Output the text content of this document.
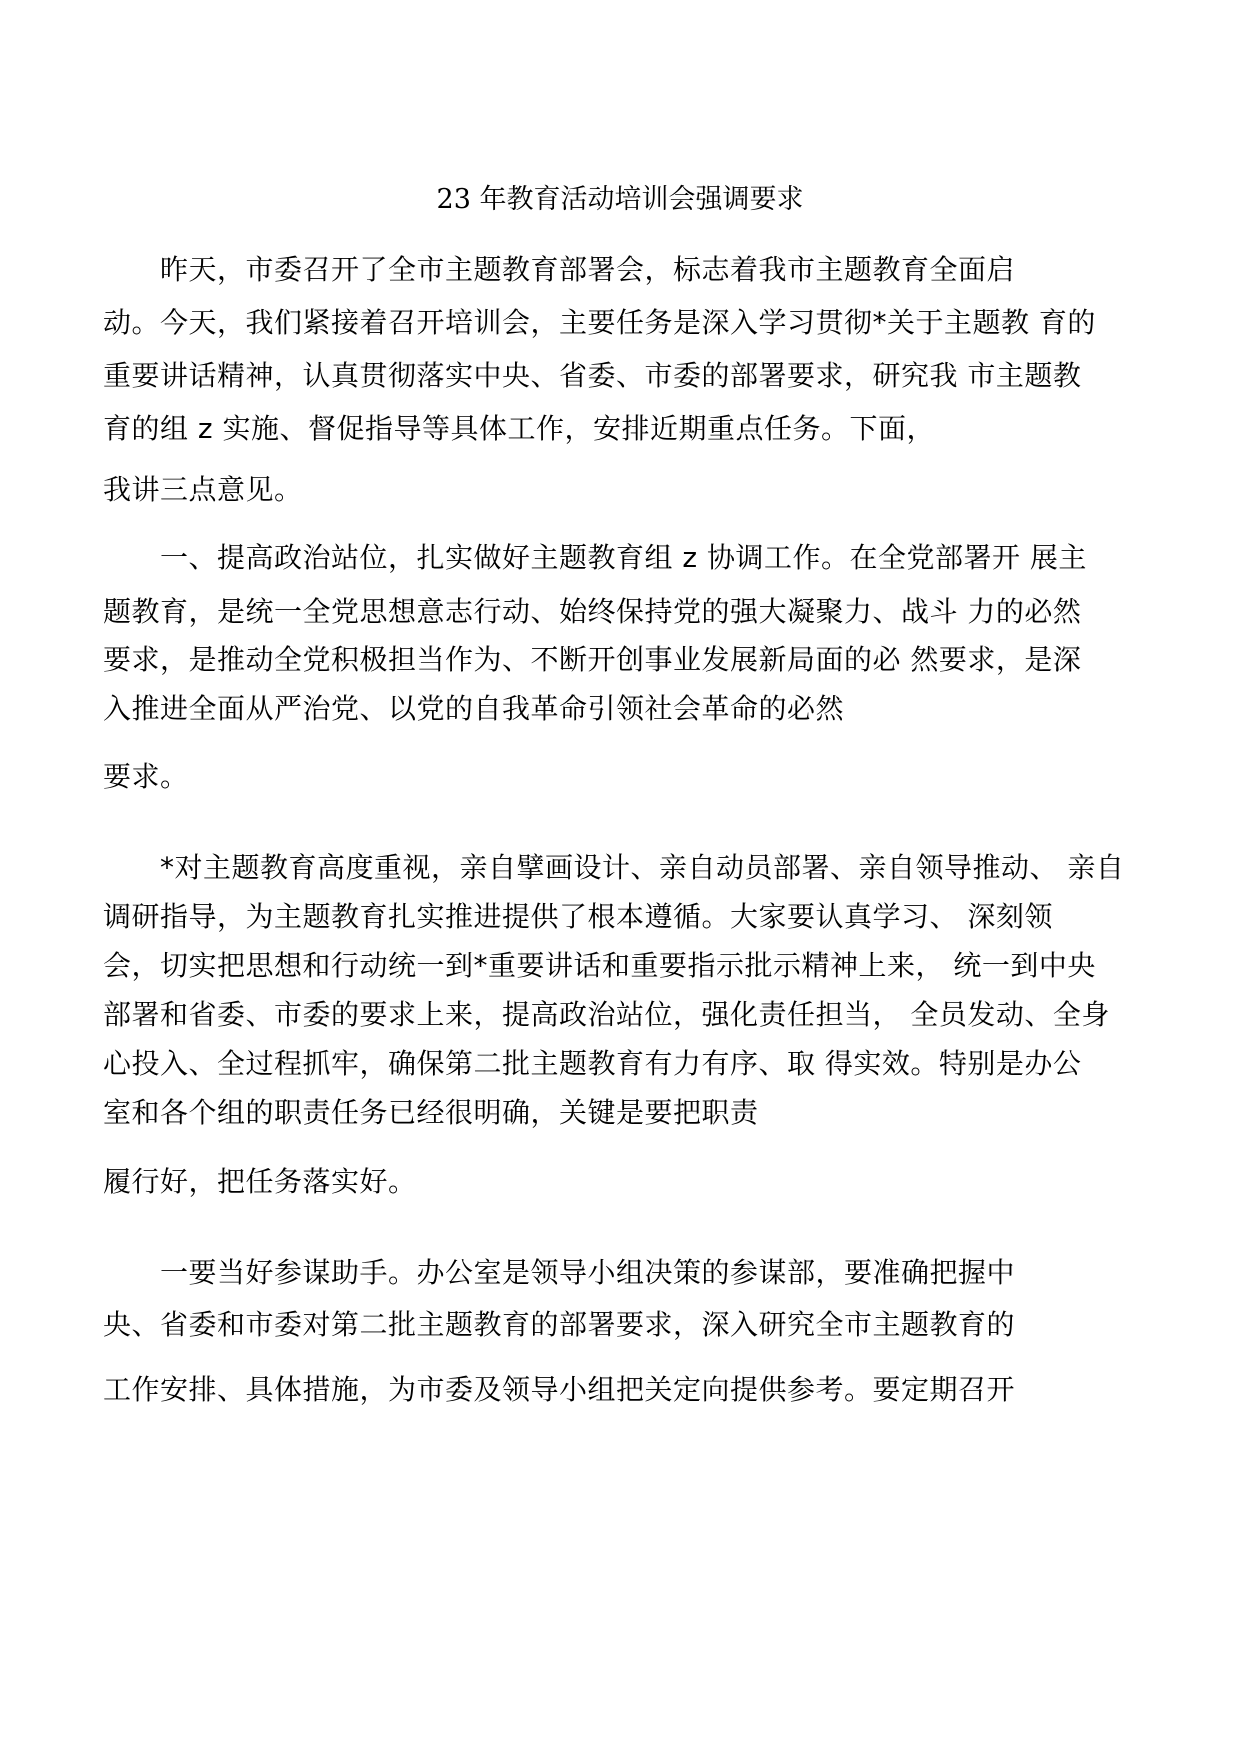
23 年教育活动培训会强调要求
昨天，市委召开了全市主题教育部署会，标志着我市主题教育全面启
动。今天，我们紧接着召开培训会，主要任务是深入学习贯彻*关于主题教 育的
重要讲话精神，认真贯彻落实中央、省委、市委的部署要求，研究我 市主题教
育的组 z 实施、督促指导等具体工作，安排近期重点任务。下面，
我讲三点意见。
一、提高政治站位，扎实做好主题教育组 z 协调工作。在全党部署开 展主
题教育，是统一全党思想意志行动、始终保持党的强大凝聚力、战斗 力的必然
要求，是推动全党积极担当作为、不断开创事业发展新局面的必 然要求，是深
入推进全面从严治党、以党的自我革命引领社会革命的必然
要求。
*对主题教育高度重视，亲自擘画设计、亲自动员部署、亲自领导推动、 亲自
调研指导，为主题教育扎实推进提供了根本遵循。大家要认真学习、 深刻领
会，切实把思想和行动统一到*重要讲话和重要指示批示精神上来， 统一到中央
部署和省委、市委的要求上来，提高政治站位，强化责任担当， 全员发动、全身
心投入、全过程抓牢，确保第二批主题教育有力有序、取 得实效。特别是办公
室和各个组的职责任务已经很明确，关键是要把职责
履行好，把任务落实好。
一要当好参谋助手。办公室是领导小组决策的参谋部，要准确把握中
央、省委和市委对第二批主题教育的部署要求，深入研究全市主题教育的
工作安排、具体措施，为市委及领导小组把关定向提供参考。要定期召开
